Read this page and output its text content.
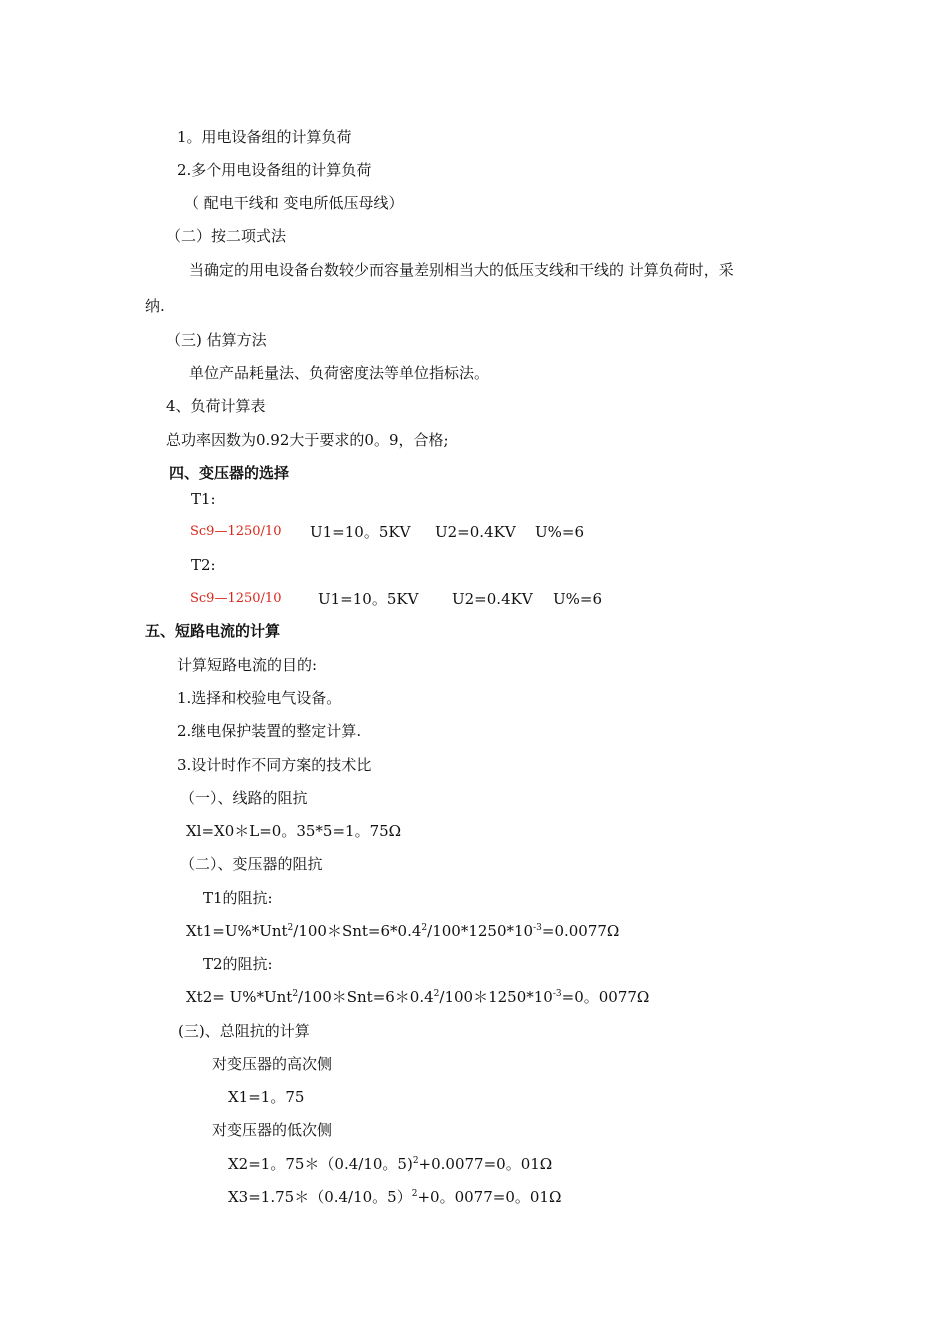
1。用电设备组的计算负荷
2.多个用电设备组的计算负荷
（ 配电干线和 变电所低压母线）
（二）按二项式法
当确定的用电设备台数较少而容量差别相当大的低压支线和干线的 计算负荷时，采
纳.
（三) 估算方法
单位产品耗量法、负荷密度法等单位指标法。
4、负荷计算表
总功率因数为0.92大于要求的0。9，合格;
四、变压器的选择
T1:
Sc9—1250/10 U1=10。5KV U2=0.4KV U%=6
T2:
Sc9—1250/10 U1=10。5KV U2=0.4KV U%=6
五、短路电流的计算
计算短路电流的目的:
1.选择和校验电气设备。
2.继电保护装置的整定计算.
3.设计时作不同方案的技术比
（一）、线路的阻抗
Xl=X0＊L=0。35*5=1。75Ω
（二）、变压器的阻抗
T1的阻抗:
$Xt1=U\%*Unt^2/100*Snt=6*0.4^2/100*1250*10^{-3}=0.0077\Omega$
T2的阻抗:
$Xt2= U\%*Unt^2/100*Snt=6*0.4^2/100*1250*10^{-3}=0$。0077Ω
(三)、总阻抗的计算
对变压器的高次侧
X1=1。75
对变压器的低次侧
X2=1。75＊（0.4/10。5)$^2$+0.0077=0。01Ω
X3=1.75＊（0.4/10。5）$^2$+0。0077=0。01Ω
